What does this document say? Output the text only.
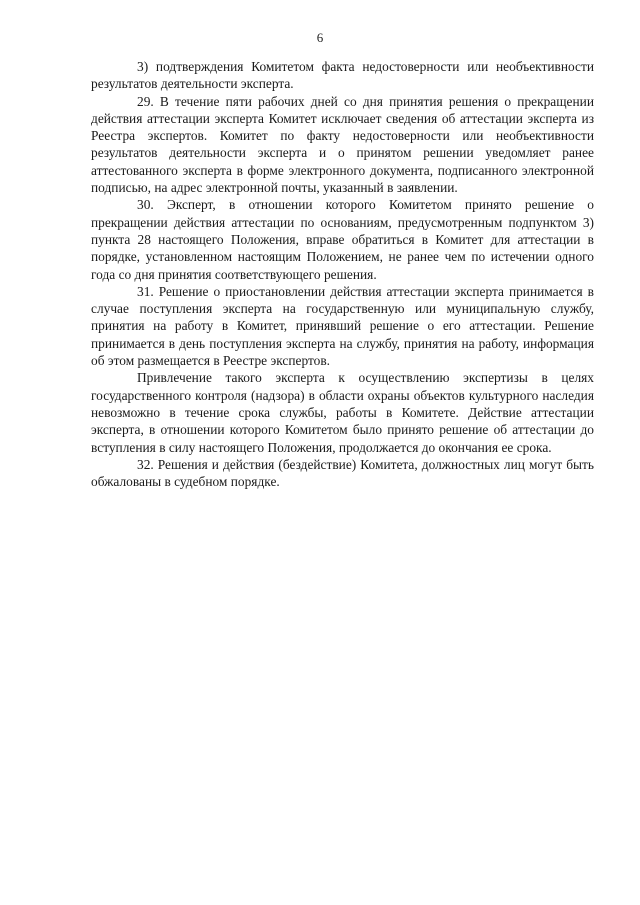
6

3) подтверждения Комитетом факта недостоверности или необъективности результатов деятельности эксперта.

29. В течение пяти рабочих дней со дня принятия решения о прекращении действия аттестации эксперта Комитет исключает сведения об аттестации эксперта из Реестра экспертов. Комитет по факту недостоверности или необъективности результатов деятельности эксперта и о принятом решении уведомляет ранее аттестованного эксперта в форме электронного документа, подписанного электронной подписью, на адрес электронной почты, указанный в заявлении.

30. Эксперт, в отношении которого Комитетом принято решение о прекращении действия аттестации по основаниям, предусмотренным подпунктом 3) пункта 28 настоящего Положения, вправе обратиться в Комитет для аттестации в порядке, установленном настоящим Положением, не ранее чем по истечении одного года со дня принятия соответствующего решения.

31. Решение о приостановлении действия аттестации эксперта принимается в случае поступления эксперта на государственную или муниципальную службу, принятия на работу в Комитет, принявший решение о его аттестации. Решение принимается в день поступления эксперта на службу, принятия на работу, информация об этом размещается в Реестре экспертов.

Привлечение такого эксперта к осуществлению экспертизы в целях государственного контроля (надзора) в области охраны объектов культурного наследия невозможно в течение срока службы, работы в Комитете. Действие аттестации эксперта, в отношении которого Комитетом было принято решение об аттестации до вступления в силу настоящего Положения, продолжается до окончания ее срока.

32. Решения и действия (бездействие) Комитета, должностных лиц могут быть обжалованы в судебном порядке.
